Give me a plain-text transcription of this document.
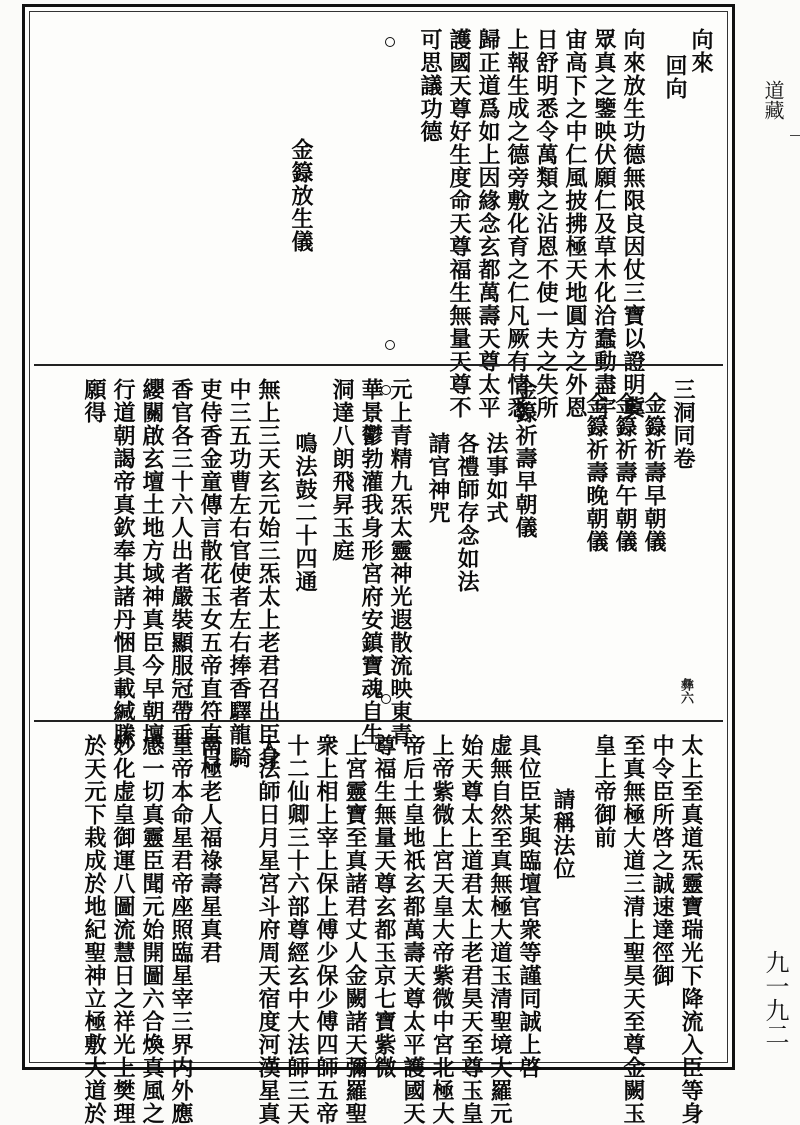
道藏
九一九二
向來
回向
向來放生功德無限良因仗三寶以證明冀
眾真之鑒映伏願仁及草木化洽蠢動盡宇
宙高下之中仁風披拂極天地圓方之外恩
日舒明悉令萬類之沾恩不使一夫之失所
上報生成之德旁敷化育之仁凡厥有情悉
歸正道爲如上因緣念玄都萬壽天尊太平
護國天尊好生度命天尊福生無量天尊不
可思議功德
金籙放生儀
三洞同卷
金籙祈壽早朝儀
金籙祈壽午朝儀
金籙祈壽晚朝儀
金籙祈壽早朝儀
法事如式
各禮師存念如法
請官神咒
元上青精九炁太靈神光遐散流映東青
華景鬱勃灌我身形宮府安鎮寶魂自生
洞達八朗飛昇玉庭
鳴法鼓二十四通
無上三天玄元始三炁太上老君召出臣身
中三五功曹左右官使者左右捧香驛龍騎
吏侍香金童傳言散花玉女五帝直符直日
香官各三十六人出者嚴裝顯服冠帶垂
纓關啟玄壇土地方域神真臣今早朝壇
行道朝謁帝真欽奉其諸丹悃具載緘縢
願得
彝六
太上至真道炁靈寶瑞光下降流入臣等身
中令臣所啓之誠速達徑御
至真無極大道三清上聖昊天至尊金闕玉
皇上帝御前
請稱法位
具位臣某與臨壇官衆等謹同誠上啓
虚無自然至真無極大道玉清聖境大羅元
始天尊太上道君太上老君昊天至尊玉皇
上帝紫微上宮天皇大帝紫微中宮北極大
帝后土皇地祇玄都萬壽天尊太平護國天
尊福生無量天尊玄都玉京七寶紫微
上宮靈寶至真諸君丈人金闕諸天彌羅聖
衆上相上宰上保上傅少保少傅四師五帝
十二仙卿三十六部尊經玄中大法師三天
大法師日月星宮斗府周天宿度河漢星真
南極老人福祿壽星真君
皇帝本命星君帝座照臨星宰三界内外應
感一切真靈臣聞元始開圖六合煥真風之
妙化虚皇御運八圖流慧日之祥光上樊理
於天元下栽成於地紀聖神立極敷大道於
